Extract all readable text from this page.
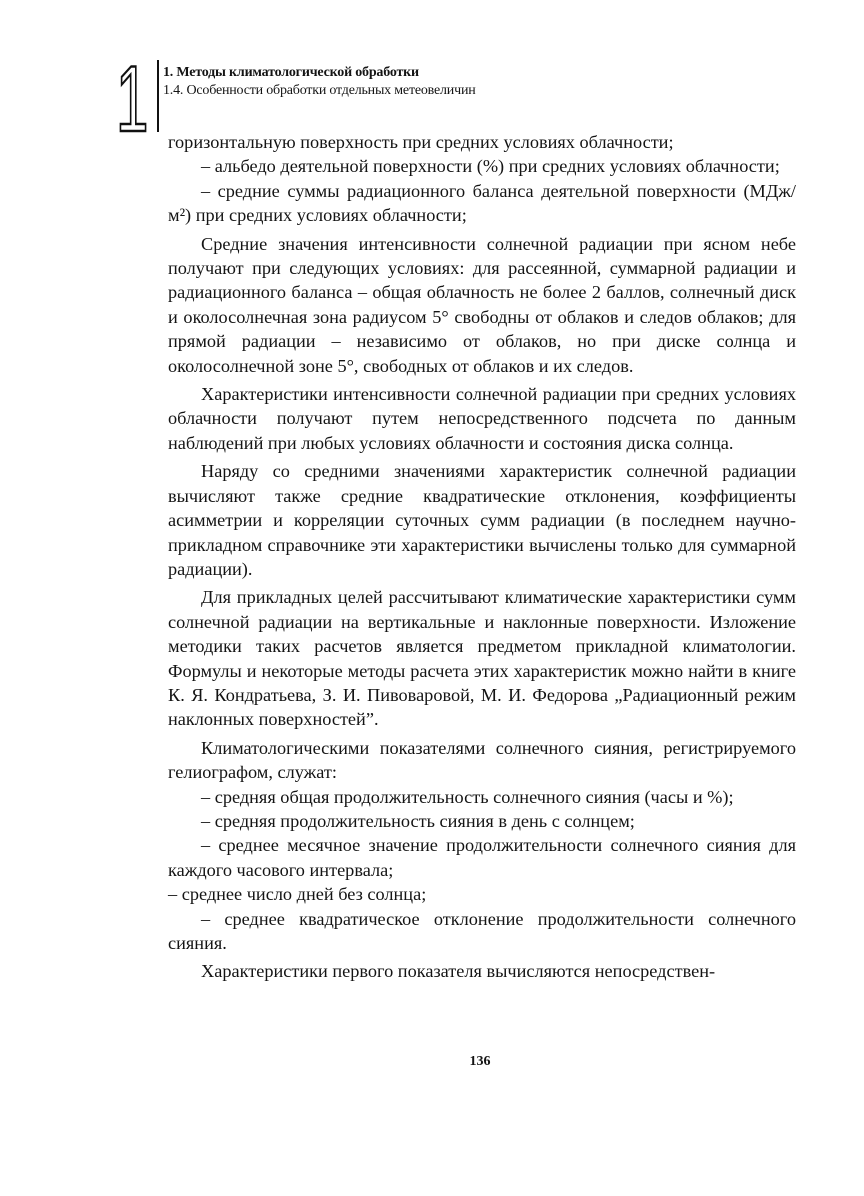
1 1. Методы климатологической обработки
1.4. Особенности обработки отдельных метеовеличин

горизонтальную поверхность при средних условиях облачности;

– альбедо деятельной поверхности (%) при средних условиях облачности;

– средние суммы радиационного баланса деятельной поверхности (МДж/м²) при средних условиях облачности;

Средние значения интенсивности солнечной радиации при ясном небе получают при следующих условиях: для рассеянной, суммарной радиации и радиационного баланса – общая облачность не более 2 баллов, солнечный диск и околосолнечная зона радиусом 5° свободны от облаков и следов облаков; для прямой радиации – независимо от облаков, но при диске солнца и околосолнечной зоне 5°, свободных от облаков и их следов.

Характеристики интенсивности солнечной радиации при средних условиях облачности получают путем непосредственного подсчета по данным наблюдений при любых условиях облачности и состояния диска солнца.

Наряду со средними значениями характеристик солнечной радиации вычисляют также средние квадратические отклонения, коэффициенты асимметрии и корреляции суточных сумм радиации (в последнем научно-прикладном справочнике эти характеристики вычислены только для суммарной радиации).

Для прикладных целей рассчитывают климатические характеристики сумм солнечной радиации на вертикальные и наклонные поверхности. Изложение методики таких расчетов является предметом прикладной климатологии. Формулы и некоторые методы расчета этих характеристик можно найти в книге К. Я. Кондратьева, З. И. Пивоваровой, М. И. Федорова „Радиационный режим наклонных поверхностей”.

Климатологическими показателями солнечного сияния, регистрируемого гелиографом, служат:

– средняя общая продолжительность солнечного сияния (часы и %);

– средняя продолжительность сияния в день с солнцем;

– среднее месячное значение продолжительности солнечного сияния для каждого часового интервала;

– среднее число дней без солнца;

– среднее квадратическое отклонение продолжительности солнечного сияния.

Характеристики первого показателя вычисляются непосредствен-

136
